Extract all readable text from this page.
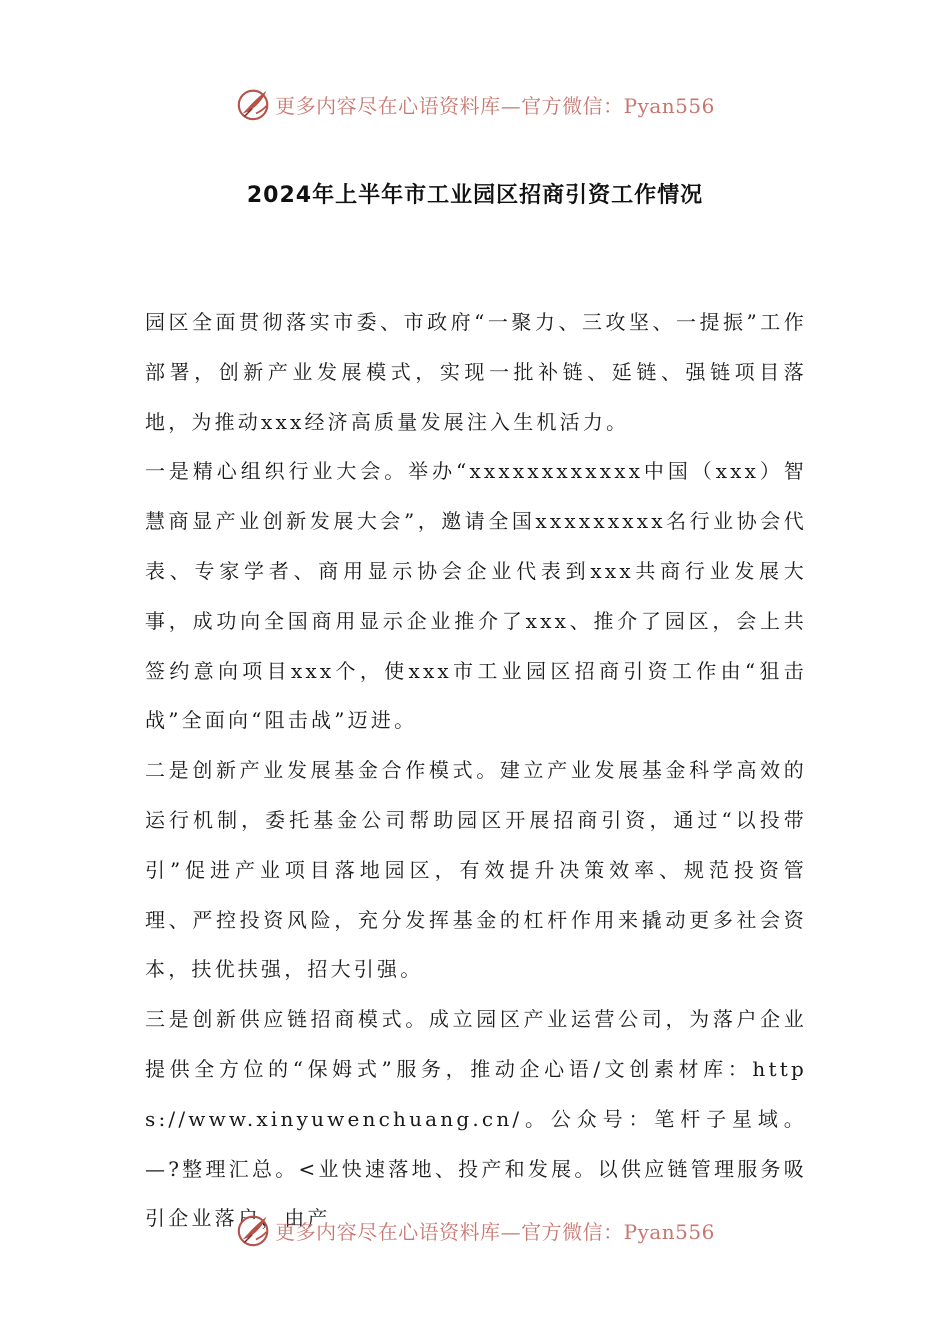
更多内容尽在心语资料库—官方微信：Pyan556
2024年上半年市工业园区招商引资工作情况

园区全面贯彻落实市委、市政府“一聚力、三攻坚、一提振”工作部署，创新产业发展模式，实现一批补链、延链、强链项目落地，为推动xxx经济高质量发展注入生机活力。

一是精心组织行业大会。举办“xxxxxxxxxxxx中国（xxx）智慧商显产业创新发展大会”，邀请全国xxxxxxxxx名行业协会代表、专家学者、商用显示协会企业代表到xxx共商行业发展大事，成功向全国商用显示企业推介了xxx、推介了园区，会上共签约意向项目xxx个，使xxx市工业园区招商引资工作由“狙击战”全面向“阻击战”迈进。

二是创新产业发展基金合作模式。建立产业发展基金科学高效的运行机制，委托基金公司帮助园区开展招商引资，通过“以投带引”促进产业项目落地园区，有效提升决策效率、规范投资管理、严控投资风险，充分发挥基金的杠杆作用来撬动更多社会资本，扶优扶强，招大引强。

三是创新供应链招商模式。成立园区产业运营公司，为落户企业提供全方位的“保姆式”服务，推动企心语/文创素材库：https://www.xinyuwenchuang.cn/。公众号：笔杆子星域。—?整理汇总。<业快速落地、投产和发展。以供应链管理服务吸引企业落户，由产

更多内容尽在心语资料库—官方微信：Pyan556
